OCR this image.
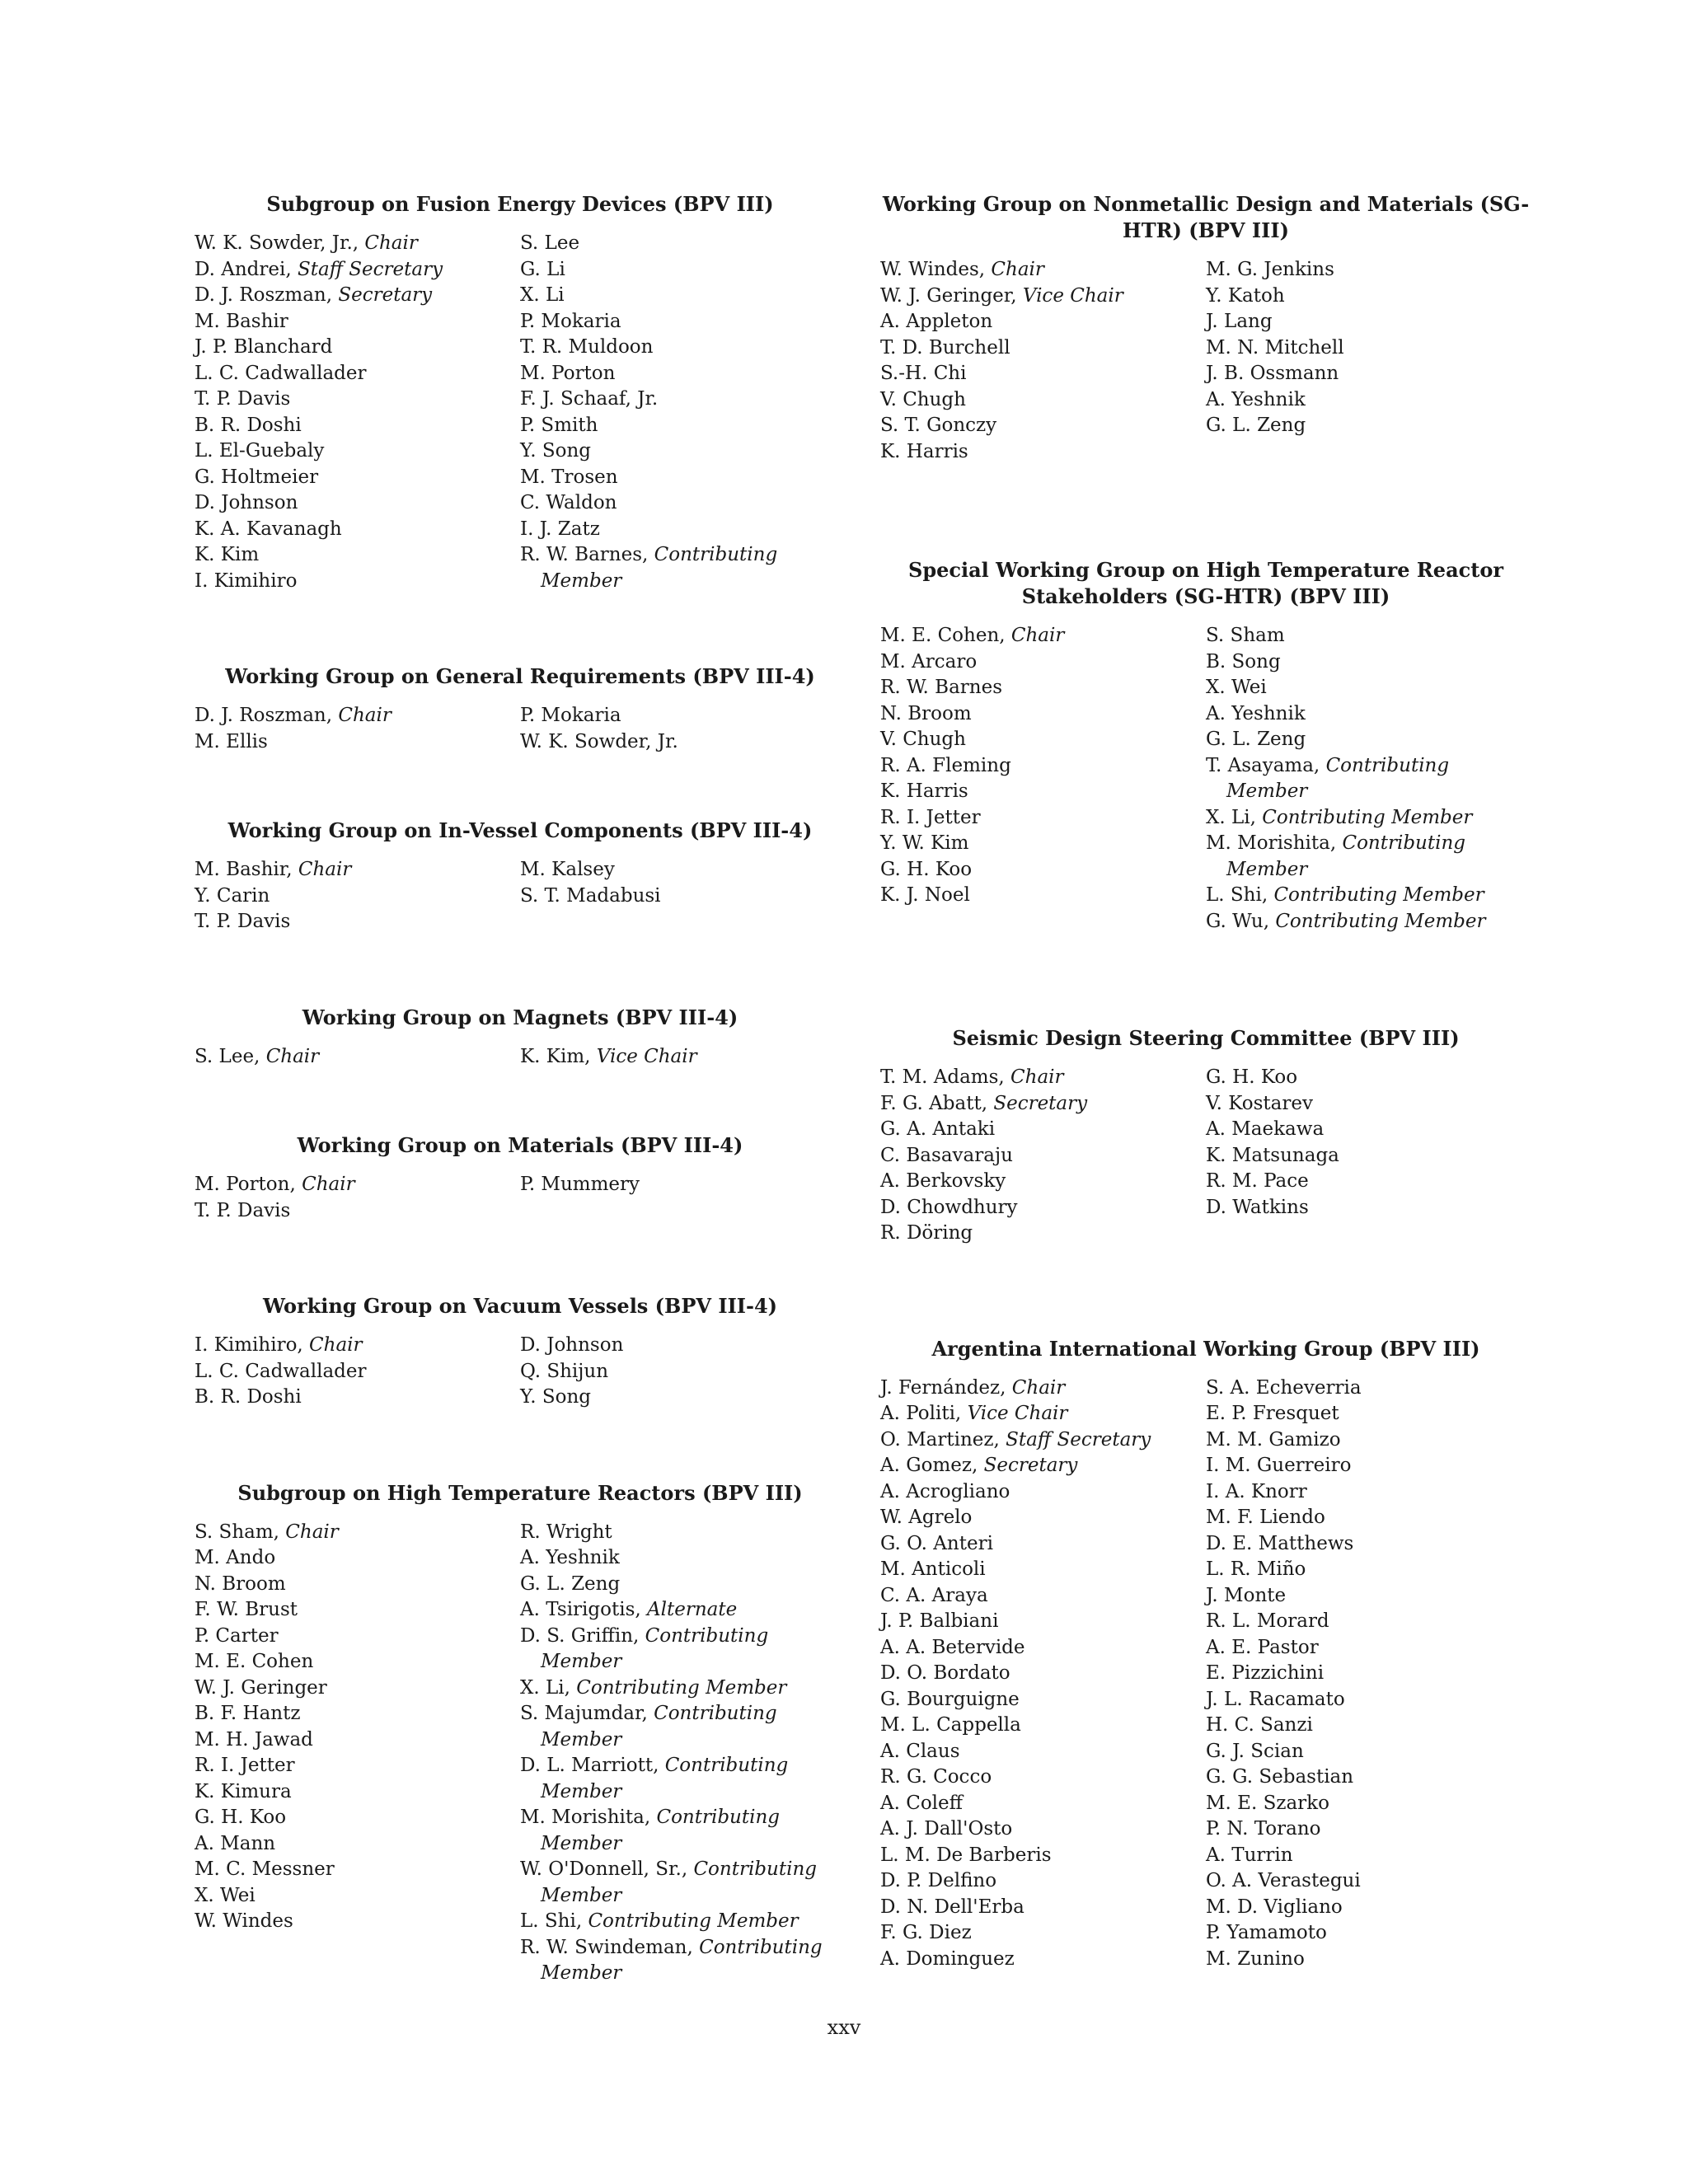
Subgroup on Fusion Energy Devices (BPV III)
W. K. Sowder, Jr., Chair
D. Andrei, Staff Secretary
D. J. Roszman, Secretary
M. Bashir
J. P. Blanchard
L. C. Cadwallader
T. P. Davis
B. R. Doshi
L. El-Guebaly
G. Holtmeier
D. Johnson
K. A. Kavanagh
K. Kim
I. Kimihiro
S. Lee
G. Li
X. Li
P. Mokaria
T. R. Muldoon
M. Porton
F. J. Schaaf, Jr.
P. Smith
Y. Song
M. Trosen
C. Waldon
I. J. Zatz
R. W. Barnes, Contributing Member
Working Group on General Requirements (BPV III-4)
D. J. Roszman, Chair
M. Ellis
P. Mokaria
W. K. Sowder, Jr.
Working Group on In-Vessel Components (BPV III-4)
M. Bashir, Chair
Y. Carin
T. P. Davis
M. Kalsey
S. T. Madabusi
Working Group on Magnets (BPV III-4)
S. Lee, Chair	K. Kim, Vice Chair
Working Group on Materials (BPV III-4)
M. Porton, Chair
T. P. Davis
P. Mummery
Working Group on Vacuum Vessels (BPV III-4)
I. Kimihiro, Chair
L. C. Cadwallader
B. R. Doshi
D. Johnson
Q. Shijun
Y. Song
Subgroup on High Temperature Reactors (BPV III)
S. Sham, Chair
M. Ando
N. Broom
F. W. Brust
P. Carter
M. E. Cohen
W. J. Geringer
B. F. Hantz
M. H. Jawad
R. I. Jetter
K. Kimura
G. H. Koo
A. Mann
M. C. Messner
X. Wei
W. Windes
R. Wright
A. Yeshnik
G. L. Zeng
A. Tsirigotis, Alternate
D. S. Griffin, Contributing Member
X. Li, Contributing Member
S. Majumdar, Contributing Member
D. L. Marriott, Contributing Member
M. Morishita, Contributing Member
W. O'Donnell, Sr., Contributing Member
L. Shi, Contributing Member
R. W. Swindeman, Contributing Member
Working Group on Nonmetallic Design and Materials (SG-HTR) (BPV III)
W. Windes, Chair
W. J. Geringer, Vice Chair
A. Appleton
T. D. Burchell
S.-H. Chi
V. Chugh
S. T. Gonczy
K. Harris
M. G. Jenkins
Y. Katoh
J. Lang
M. N. Mitchell
J. B. Ossmann
A. Yeshnik
G. L. Zeng
Special Working Group on High Temperature Reactor Stakeholders (SG-HTR) (BPV III)
M. E. Cohen, Chair
M. Arcaro
R. W. Barnes
N. Broom
V. Chugh
R. A. Fleming
K. Harris
R. I. Jetter
Y. W. Kim
G. H. Koo
K. J. Noel
S. Sham
B. Song
X. Wei
A. Yeshnik
G. L. Zeng
T. Asayama, Contributing Member
X. Li, Contributing Member
M. Morishita, Contributing Member
L. Shi, Contributing Member
G. Wu, Contributing Member
Seismic Design Steering Committee (BPV III)
T. M. Adams, Chair
F. G. Abatt, Secretary
G. A. Antaki
C. Basavaraju
A. Berkovsky
D. Chowdhury
R. Döring
G. H. Koo
V. Kostarev
A. Maekawa
K. Matsunaga
R. M. Pace
D. Watkins
Argentina International Working Group (BPV III)
J. Fernández, Chair
A. Politi, Vice Chair
O. Martinez, Staff Secretary
A. Gomez, Secretary
A. Acrogliano
W. Agrelo
G. O. Anteri
M. Anticoli
C. A. Araya
J. P. Balbiani
A. A. Betervide
D. O. Bordato
G. Bourguigne
M. L. Cappella
A. Claus
R. G. Cocco
A. Coleff
A. J. Dall'Osto
L. M. De Barberis
D. P. Delfino
D. N. Dell'Erba
F. G. Diez
A. Dominguez
S. A. Echeverria
E. P. Fresquet
M. M. Gamizo
I. M. Guerreiro
I. A. Knorr
M. F. Liendo
D. E. Matthews
L. R. Miño
J. Monte
R. L. Morard
A. E. Pastor
E. Pizzichini
J. L. Racamato
H. C. Sanzi
G. J. Scian
G. G. Sebastian
M. E. Szarko
P. N. Torano
A. Turrin
O. A. Verastegui
M. D. Vigliano
P. Yamamoto
M. Zunino
xxv
